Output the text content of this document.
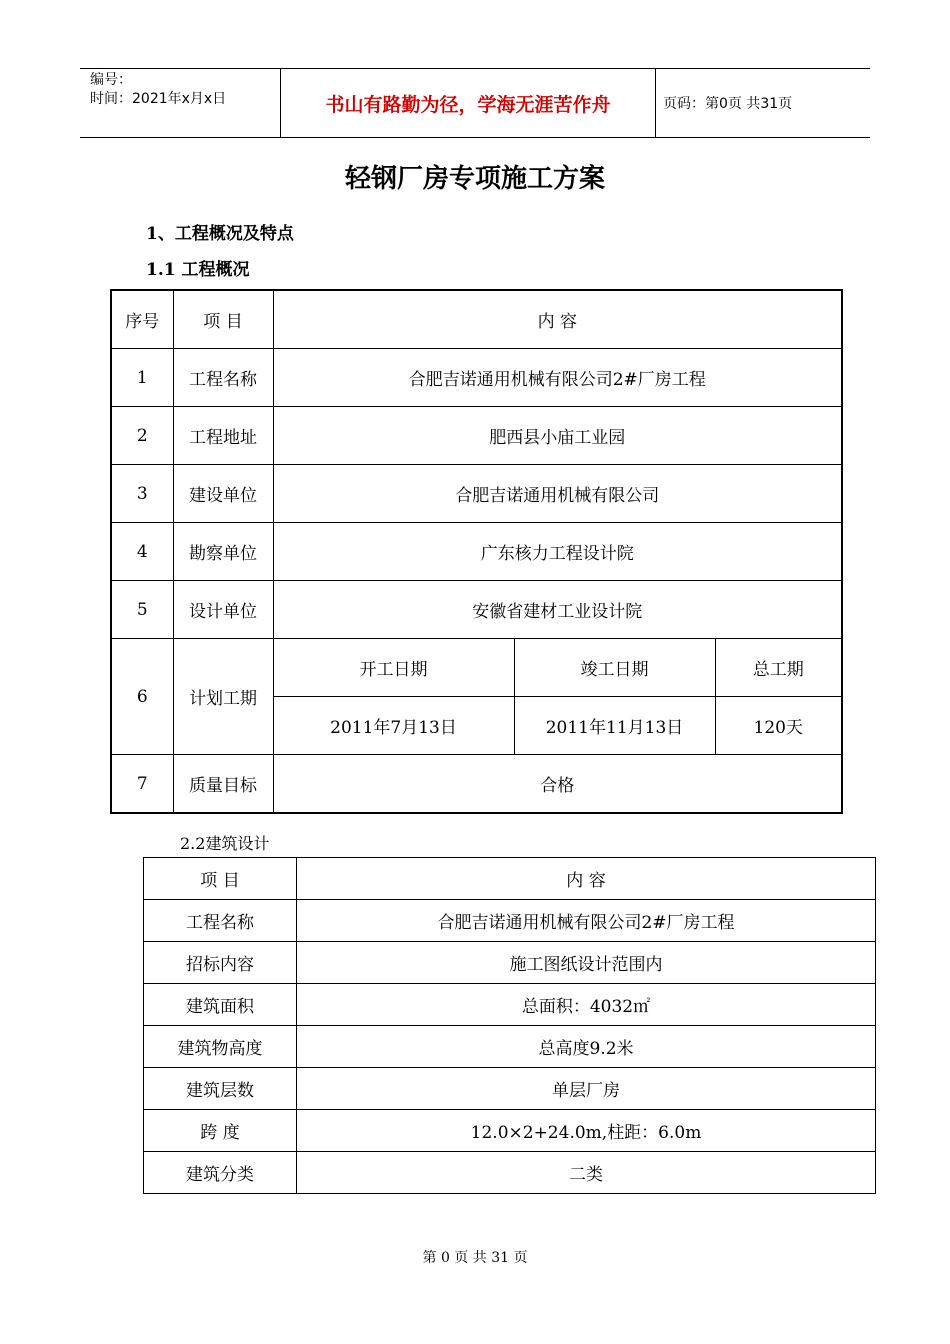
编号：
时间：2021年x月x日	书山有路勤为径，学海无涯苦作舟	页码：第0页 共31页
轻钢厂房专项施工方案
1、工程概况及特点
1.1 工程概况
序号	项 目	内 容		
1	工程名称	合肥吉诺通用机械有限公司2#厂房工程		
2	工程地址	肥西县小庙工业园		
3	建设单位	合肥吉诺通用机械有限公司		
4	勘察单位	广东核力工程设计院		
5	设计单位	安徽省建材工业设计院		
6	计划工期	开工日期	竣工日期	总工期
		2011年7月13日	2011年11月13日	120天
7	质量目标	合格		
2.2建筑设计
项 目	内 容
工程名称	合肥吉诺通用机械有限公司2#厂房工程
招标内容	施工图纸设计范围内
建筑面积	总面积：4032㎡
建筑物高度	总高度9.2米
建筑层数	单层厂房
跨 度	12.0×2+24.0m,柱距：6.0m
建筑分类	二类
第 0 页 共 31 页
